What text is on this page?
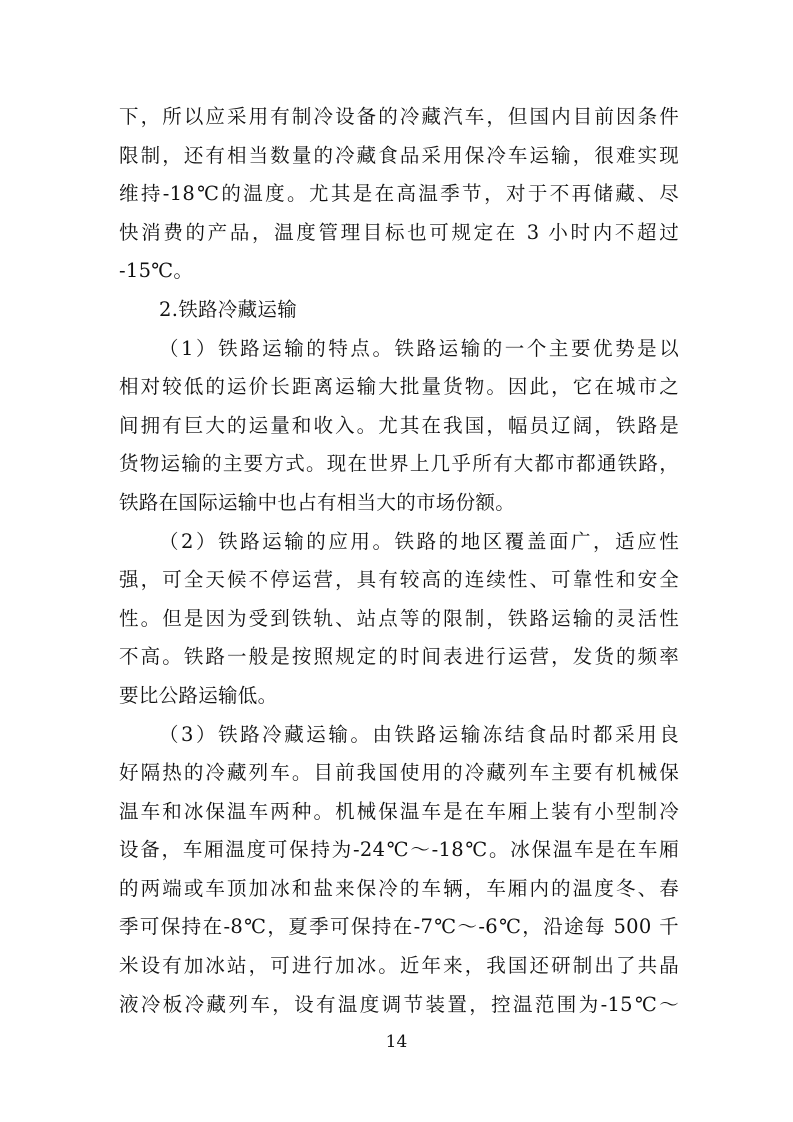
下，所以应采用有制冷设备的冷藏汽车，但国内目前因条件
限制，还有相当数量的冷藏食品采用保冷车运输，很难实现
维持-18℃的温度。尤其是在高温季节，对于不再储藏、尽
快消费的产品，温度管理目标也可规定在 3 小时内不超过
-15℃。
2.铁路冷藏运输
（1）铁路运输的特点。铁路运输的一个主要优势是以
相对较低的运价长距离运输大批量货物。因此，它在城市之
间拥有巨大的运量和收入。尤其在我国，幅员辽阔，铁路是
货物运输的主要方式。现在世界上几乎所有大都市都通铁路，
铁路在国际运输中也占有相当大的市场份额。
（2）铁路运输的应用。铁路的地区覆盖面广，适应性
强，可全天候不停运营，具有较高的连续性、可靠性和安全
性。但是因为受到铁轨、站点等的限制，铁路运输的灵活性
不高。铁路一般是按照规定的时间表进行运营，发货的频率
要比公路运输低。
（3）铁路冷藏运输。由铁路运输冻结食品时都采用良
好隔热的冷藏列车。目前我国使用的冷藏列车主要有机械保
温车和冰保温车两种。机械保温车是在车厢上装有小型制冷
设备，车厢温度可保持为-24℃～-18℃。冰保温车是在车厢
的两端或车顶加冰和盐来保冷的车辆，车厢内的温度冬、春
季可保持在-8℃，夏季可保持在-7℃～-6℃，沿途每 500 千
米设有加冰站，可进行加冰。近年来，我国还研制出了共晶
液冷板冷藏列车，设有温度调节装置，控温范围为-15℃～
14
